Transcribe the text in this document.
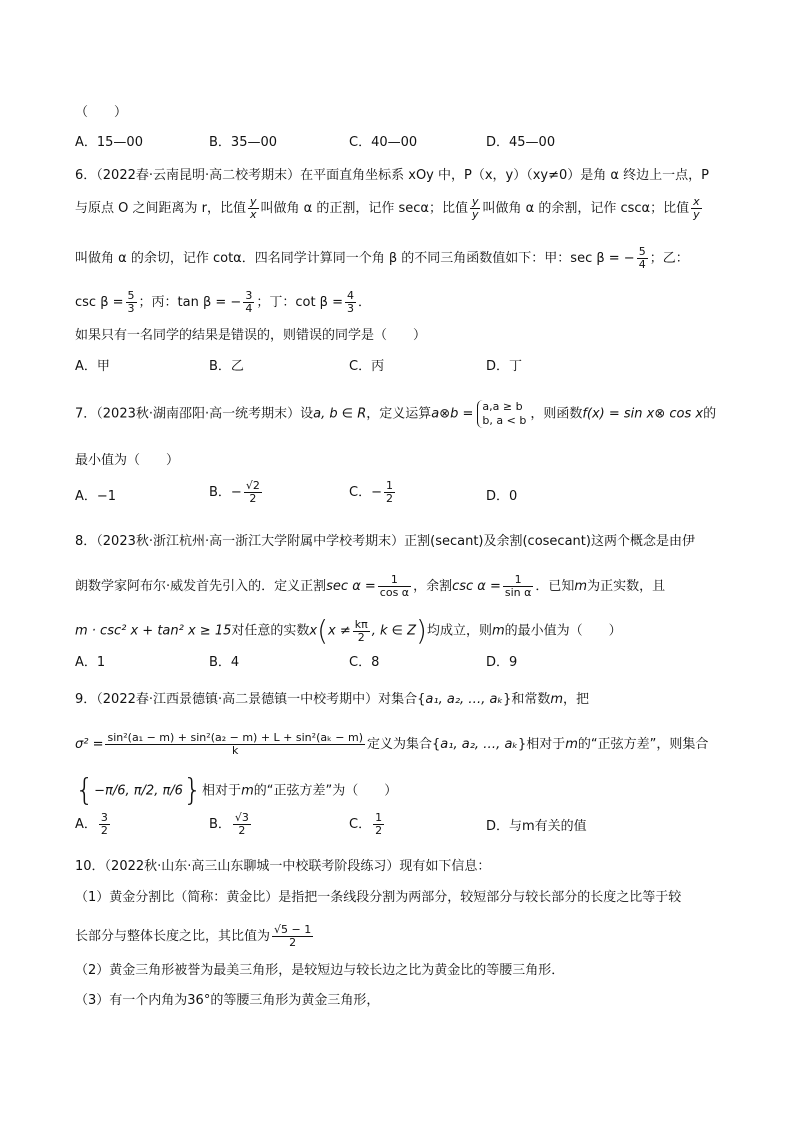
（　　）
A．15—00	B．35—00	C．40—00	D．45—00
6．（2022春·云南昆明·高二校考期末）在平面直角坐标系 xOy 中，P（x，y）（xy≠0）是角 α 终边上一点，P
与原点 O 之间距离为 r，比值 $\frac{y}{x}$ 叫做角 α 的正割，记作 secα；比值 $\frac{y}{y}$ 叫做角 α 的余割，记作 cscα；比值 $\frac{x}{y}$
叫做角 α 的余切，记作 cotα．四名同学计算同一个角 β 的不同三角函数值如下：甲：sec β = − $\frac{5}{4}$ ；乙：
$\csc \beta = \frac{5}{3}$ ；丙：tan β = − $\frac{3}{4}$ ；丁：$\cot \beta = \frac{4}{3}$ ．
如果只有一名同学的结果是错误的，则错误的同学是（　　）
A．甲	B．乙	C．丙	D．丁
7．（2023秋·湖南邵阳·高一统考期末）设a, b ∈ R，定义运算a⊗b = a,a ≥ b
b, a < b ，则函数f(x) = sin x⊗ cos x的
最小值为（　　）
A．−1	B．− $\frac{√2}{2}$	C．− $\frac{1}{2}$	D．0
8．（2023秋·浙江杭州·高一浙江大学附属中学校考期末）正割(secant)及余割(cosecant)这两个概念是由伊
朗数学家阿布尔·威发首先引入的．定义正割$\sec \alpha = \frac{1}{\text{cos α}}$ ，余割$\csc \alpha = \frac{1}{\text{sin α}}$ ．已知m为正实数，且
m · csc² x + tan² x ≥ 15对任意的实数$x(x \ne \frac{k\pi}{2}$ , k ∈ Z)均成立，则m的最小值为（　　）
A．1	B．4	C．8	D．9
9．（2022春·江西景德镇·高二景德镇一中校考期中）对集合{a₁, a₂, …, aₖ}和常数m，把
$\sigma^2 = \frac{\text{sin²(a₁ − m) + sin²(a₂ − m) + L + sin²(aₖ − m)}}{k}$ 定义为集合{a₁, a₂, …, aₖ}相对于m的“正弦方差”，则集合
{−π/6, π/2, π/6}相对于m的“正弦方差”为（　　）
A． $\frac{3}{2}$	B． $\frac{√3}{2}$	C． $\frac{1}{2}$	D．与m有关的值
10．（2022秋·山东·高三山东聊城一中校联考阶段练习）现有如下信息：
（1）黄金分割比（简称：黄金比）是指把一条线段分割为两部分，较短部分与较长部分的长度之比等于较
长部分与整体长度之比，其比值为 $\frac{√5 - 1}{2}$
（2）黄金三角形被誉为最美三角形，是较短边与较长边之比为黄金比的等腰三角形．
（3）有一个内角为36°的等腰三角形为黄金三角形，
